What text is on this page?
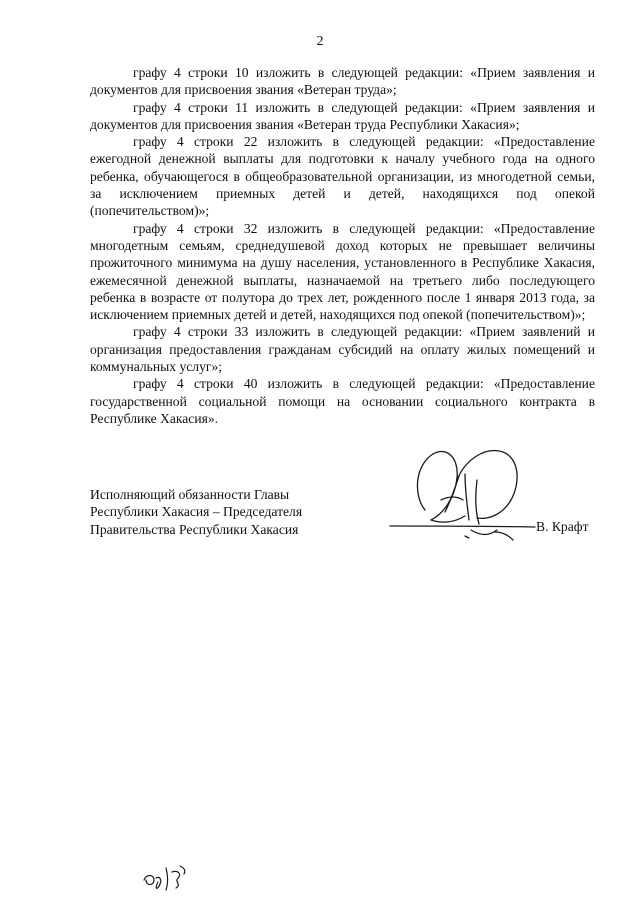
2

графу 4 строки 10 изложить в следующей редакции: «Прием заявления и документов для присвоения звания «Ветеран труда»;

графу 4 строки 11 изложить в следующей редакции: «Прием заявления и документов для присвоения звания «Ветеран труда Республики Хакасия»;

графу 4 строки 22 изложить в следующей редакции: «Предоставление ежегодной денежной выплаты для подготовки к началу учебного года на одного ребенка, обучающегося в общеобразовательной организации, из многодетной семьи, за исключением приемных детей и детей, находящихся под опекой (попечительством)»;

графу 4 строки 32 изложить в следующей редакции: «Предоставление многодетным семьям, среднедушевой доход которых не превышает величины прожиточного минимума на душу населения, установленного в Республике Хакасия, ежемесячной денежной выплаты, назначаемой на третьего либо последующего ребенка в возрасте от полутора до трех лет, рожденного после 1 января 2013 года, за исключением приемных детей и детей, находящихся под опекой (попечительством)»;

графу 4 строки 33 изложить в следующей редакции: «Прием заявлений и организация предоставления гражданам субсидий на оплату жилых помещений и коммунальных услуг»;

графу 4 строки 40 изложить в следующей редакции: «Предоставление государственной социальной помощи на основании социального контракта в Республике Хакасия».

Исполняющий обязанности Главы
Республики Хакасия – Председателя
Правительства Республики Хакасия	В. Крафт
